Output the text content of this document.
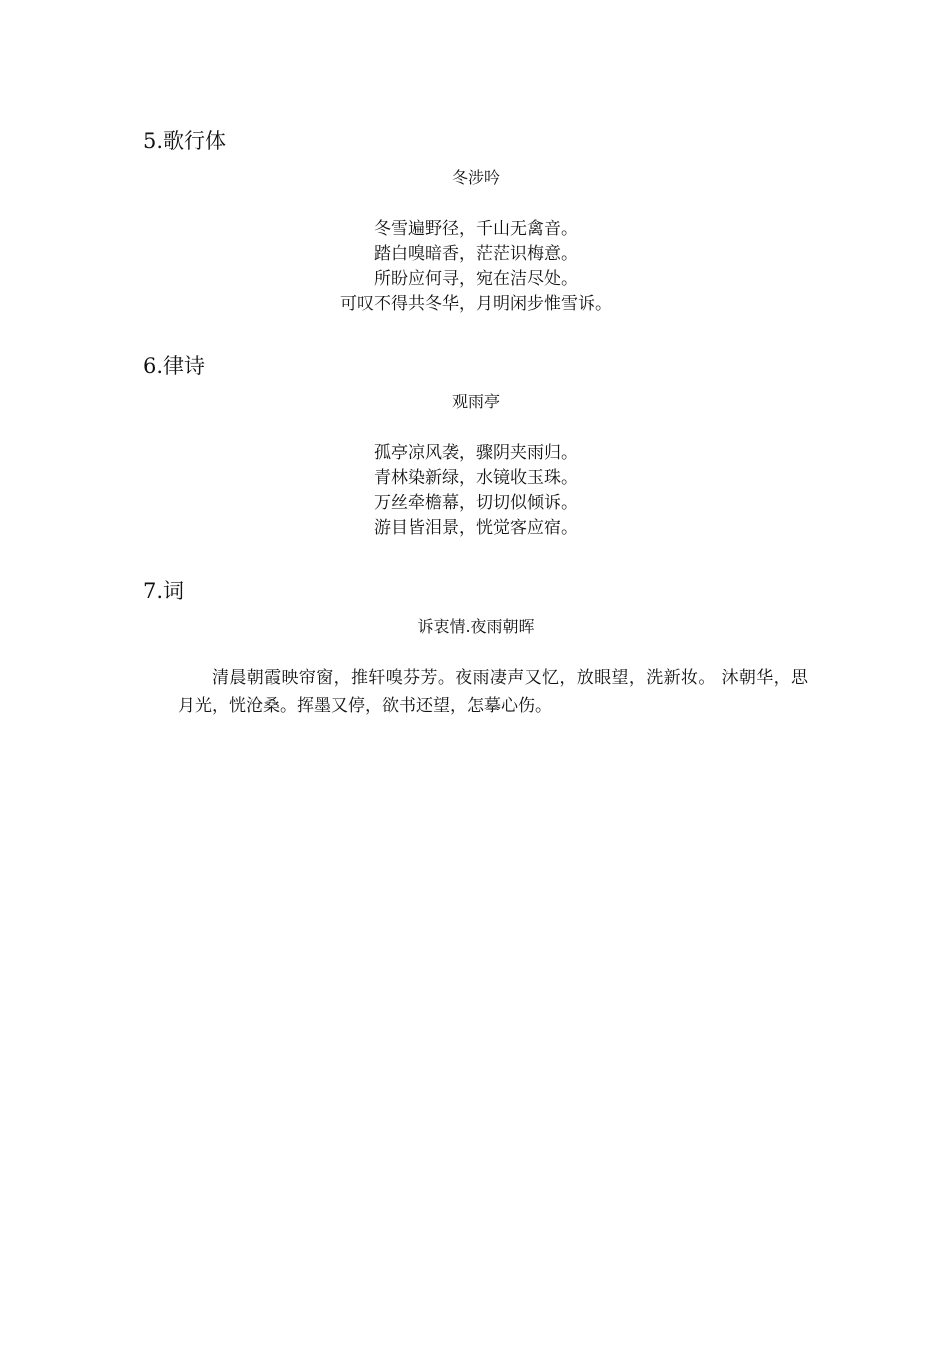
5.歌行体
冬涉吟
冬雪遍野径，千山无禽音。
踏白嗅暗香，茫茫识梅意。
所盼应何寻，宛在洁尽处。
可叹不得共冬华，月明闲步惟雪诉。
6.律诗
观雨亭
孤亭凉风袭，骤阴夹雨归。
青林染新绿，水镜收玉珠。
万丝牵檐幕，切切似倾诉。
游目皆泪景，恍觉客应宿。
7.词
诉衷情.夜雨朝晖
清晨朝霞映帘窗，推轩嗅芬芳。夜雨凄声又忆，放眼望，洗新妆。 沐朝华，思月光，恍沧桑。挥墨又停，欲书还望，怎摹心伤。
